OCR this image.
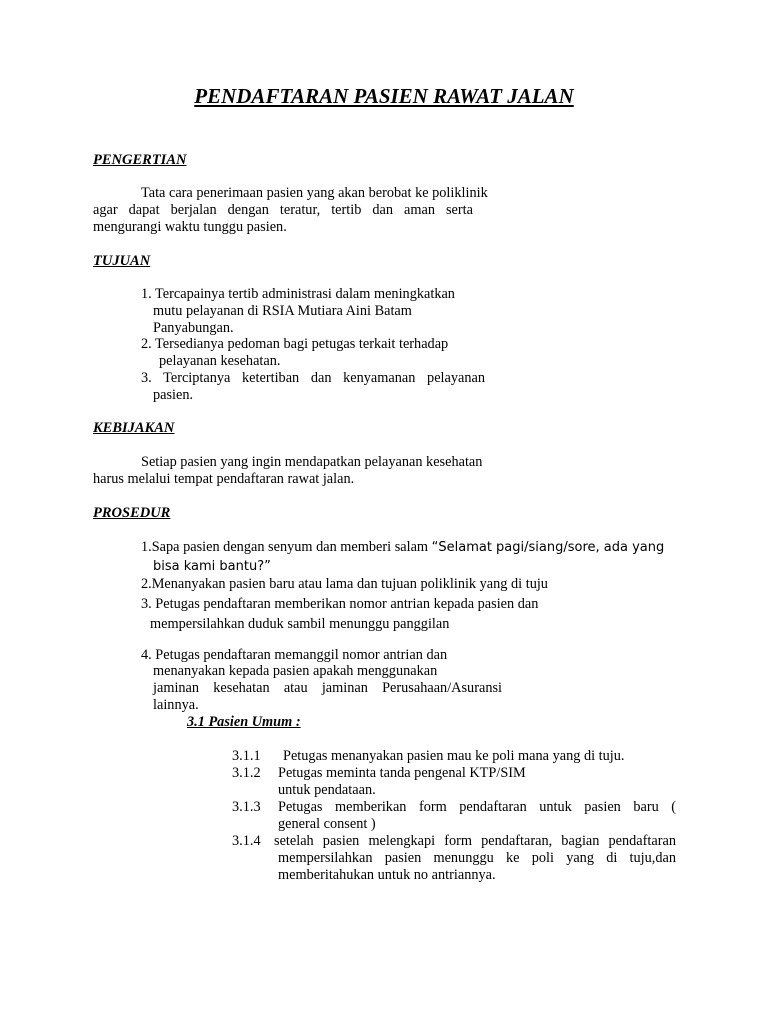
PENDAFTARAN PASIEN RAWAT JALAN
PENGERTIAN
Tata cara penerimaan pasien yang akan berobat ke poliklinik
agar dapat berjalan dengan teratur, tertib dan aman serta
mengurangi waktu tunggu pasien.
TUJUAN
1. Tercapainya tertib administrasi dalam meningkatkan
mutu pelayanan di RSIA Mutiara Aini Batam
Panyabungan.
2. Tersedianya pedoman bagi petugas terkait terhadap
pelayanan kesehatan.
3. Terciptanya ketertiban dan kenyamanan pelayanan
pasien.
KEBIJAKAN
Setiap pasien yang ingin mendapatkan pelayanan kesehatan
harus melalui tempat pendaftaran rawat jalan.
PROSEDUR
1.Sapa pasien dengan senyum dan memberi salam “Selamat pagi/siang/sore, ada yang
bisa kami bantu?”
2.Menanyakan pasien baru atau lama dan tujuan poliklinik yang di tuju
3. Petugas pendaftaran memberikan nomor antrian kepada pasien dan
mempersilahkan duduk sambil menunggu panggilan
4. Petugas pendaftaran memanggil nomor antrian dan
menanyakan kepada pasien apakah menggunakan
jaminan kesehatan atau jaminan Perusahaan/Asuransi
lainnya.
3.1 Pasien Umum :
3.1.1 Petugas menanyakan pasien mau ke poli mana yang di tuju.
3.1.2 Petugas meminta tanda pengenal KTP/SIM
untuk pendataan.
3.1.3 Petugas memberikan form pendaftaran untuk pasien baru (
general consent )
3.1.4 setelah pasien melengkapi form pendaftaran, bagian pendaftaran
mempersilahkan pasien menunggu ke poli yang di tuju,dan
memberitahukan untuk no antriannya.
